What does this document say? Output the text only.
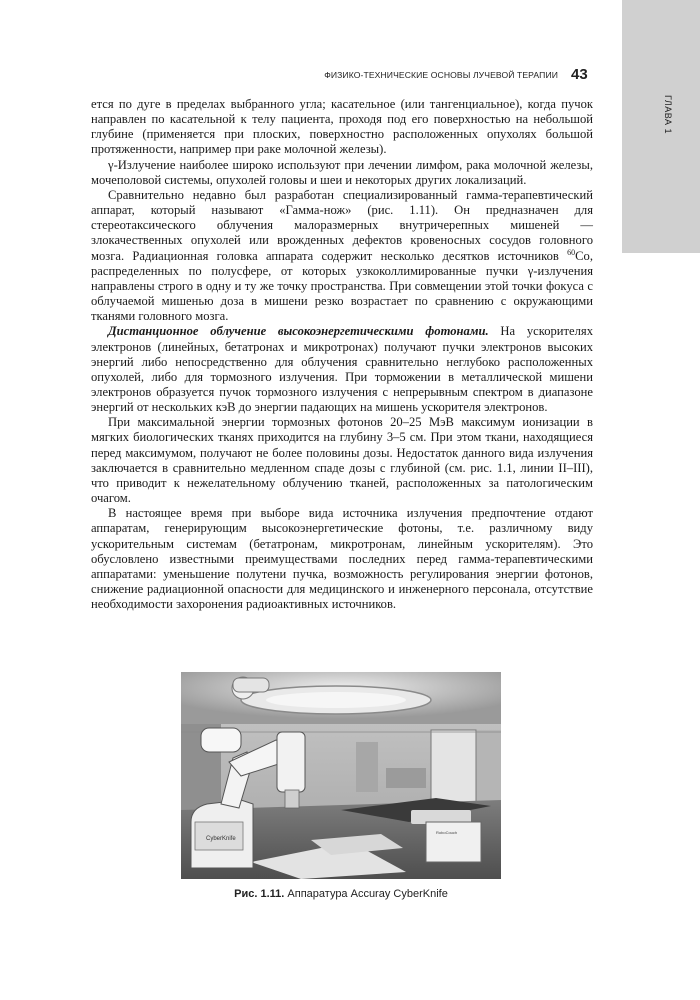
ГЛАВА 1
ФИЗИКО-ТЕХНИЧЕСКИЕ ОСНОВЫ ЛУЧЕВОЙ ТЕРАПИИ 43

ется по дуге в пределах выбранного угла; касательное (или тангенциальное), когда пучок направлен по касательной к телу пациента, проходя под его поверхностью на небольшой глубине (применяется при плоских, поверхностно расположенных опухолях большой протяженности, например при раке молочной железы).

γ-Излучение наиболее широко используют при лечении лимфом, рака молочной железы, мочеполовой системы, опухолей головы и шеи и некоторых других локализаций.

Сравнительно недавно был разработан специализированный гамма-терапевтический аппарат, который называют «Гамма-нож» (рис. 1.11). Он предназначен для стереотаксического облучения малоразмерных внутричерепных мишеней — злокачественных опухолей или врожденных дефектов кровеносных сосудов головного мозга. Радиационная головка аппарата содержит несколько десятков источников $^{60}$Co, распределенных по полусфере, от которых узкоколлимированные пучки γ-излучения направлены строго в одну и ту же точку пространства. При совмещении этой точки фокуса с облучаемой мишенью доза в мишени резко возрастает по сравнению с окружающими тканями головного мозга.

Дистанционное облучение высокоэнергетическими фотонами. На ускорителях электронов (линейных, бетатронах и микротронах) получают пучки электронов высоких энергий либо непосредственно для облучения сравнительно неглубоко расположенных опухолей, либо для тормозного излучения. При торможении в металлической мишени электронов образуется пучок тормозного излучения с непрерывным спектром в диапазоне энергий от нескольких кэВ до энергии падающих на мишень ускорителя электронов.

При максимальной энергии тормозных фотонов 20–25 МэВ максимум ионизации в мягких биологических тканях приходится на глубину 3–5 см. При этом ткани, находящиеся перед максимумом, получают не более половины дозы. Недостаток данного вида излучения заключается в сравнительно медленном спаде дозы с глубиной (см. рис. 1.1, линии II–III), что приводит к нежелательному облучению тканей, расположенных за патологическим очагом.

В настоящее время при выборе вида источника излучения предпочтение отдают аппаратам, генерирующим высокоэнергетические фотоны, т.е. различному виду ускорительным системам (бетатронам, микротронам, линейным ускорителям). Это обусловлено известными преимуществами последних перед гамма-терапевтическими аппаратами: уменьшение полутени пучка, возможность регулирования энергии фотонов, снижение радиационной опасности для медицинского и инженерного персонала, отсутствие необходимости захоронения радиоактивных источников.

CyberKnife
RoboCouch
Рис. 1.11. Аппаратура Accuray CyberKnife
